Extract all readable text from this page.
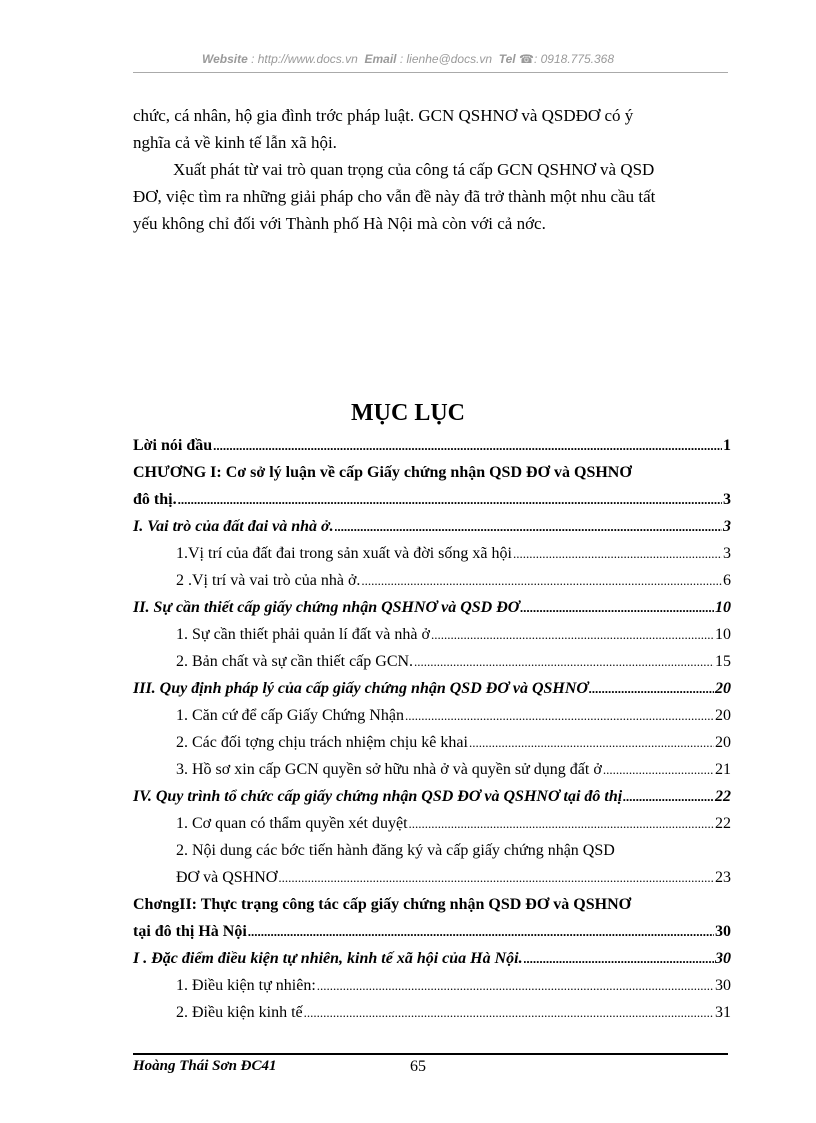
Website : http://www.docs.vn Email : lienhe@docs.vn Tel ☎: 0918.775.368

chức, cá nhân, hộ gia đình trớc pháp luật. GCN QSHNƠ và QSDĐƠ có ý

nghĩa cả về kinh tế lẫn xã hội.

Xuất phát từ vai trò quan trọng của công tá cấp GCN QSHNƠ và QSD

ĐƠ, việc tìm ra những giải pháp cho vẫn đề này đã trở thành một nhu cầu tất

yếu không chỉ đối với Thành phố Hà Nội mà còn với cả nớc.

MỤC LỤC
Lời nói đầu .....	1
CHƯƠNG I: Cơ sở lý luận về cấp Giấy chứng nhận QSD ĐƠ và QSHNƠ
đô thị. .....	3
I. Vai trò của đất đai và nhà ở. .....	3
1.Vị trí của đất đai trong sản xuất và đời sống xã hội .....	3
2 .Vị trí và vai trò của nhà ở. .....	6
II. Sự cần thiết cấp giấy chứng nhận QSHNƠ và QSD ĐƠ .....	10
1. Sự cần thiết phải quản lí đất và nhà ở .....	10
2. Bản chất và sự cần thiết cấp GCN. .....	15
III. Quy định pháp lý của cấp giấy chứng nhận QSD ĐƠ và QSHNƠ .....	20
1. Căn cứ để cấp Giấy Chứng Nhận .....	20
2. Các đối tợng chịu trách nhiệm chịu kê khai .....	20
3. Hồ sơ xin cấp GCN quyền sở hữu nhà ở và quyền sử dụng đất ở .....	21
IV. Quy trình tổ chức cấp giấy chứng nhận QSD ĐƠ và QSHNƠ tại đô thị .....	22
1. Cơ quan có thẩm quyền xét duyệt .....	22
2. Nội dung các bớc tiến hành đăng ký và cấp giấy chứng nhận QSD
ĐƠ và QSHNƠ .....	23
ChơngII: Thực trạng công tác cấp giấy chứng nhận QSD ĐƠ và QSHNƠ
tại đô thị Hà Nội .....	30
I . Đặc điểm điều kiện tự nhiên, kinh tế xã hội của Hà Nội. .....	30
1. Điều kiện tự nhiên: .....	30
2. Điều kiện kinh tế .....	31
Hoàng Thái Sơn ĐC41	65
